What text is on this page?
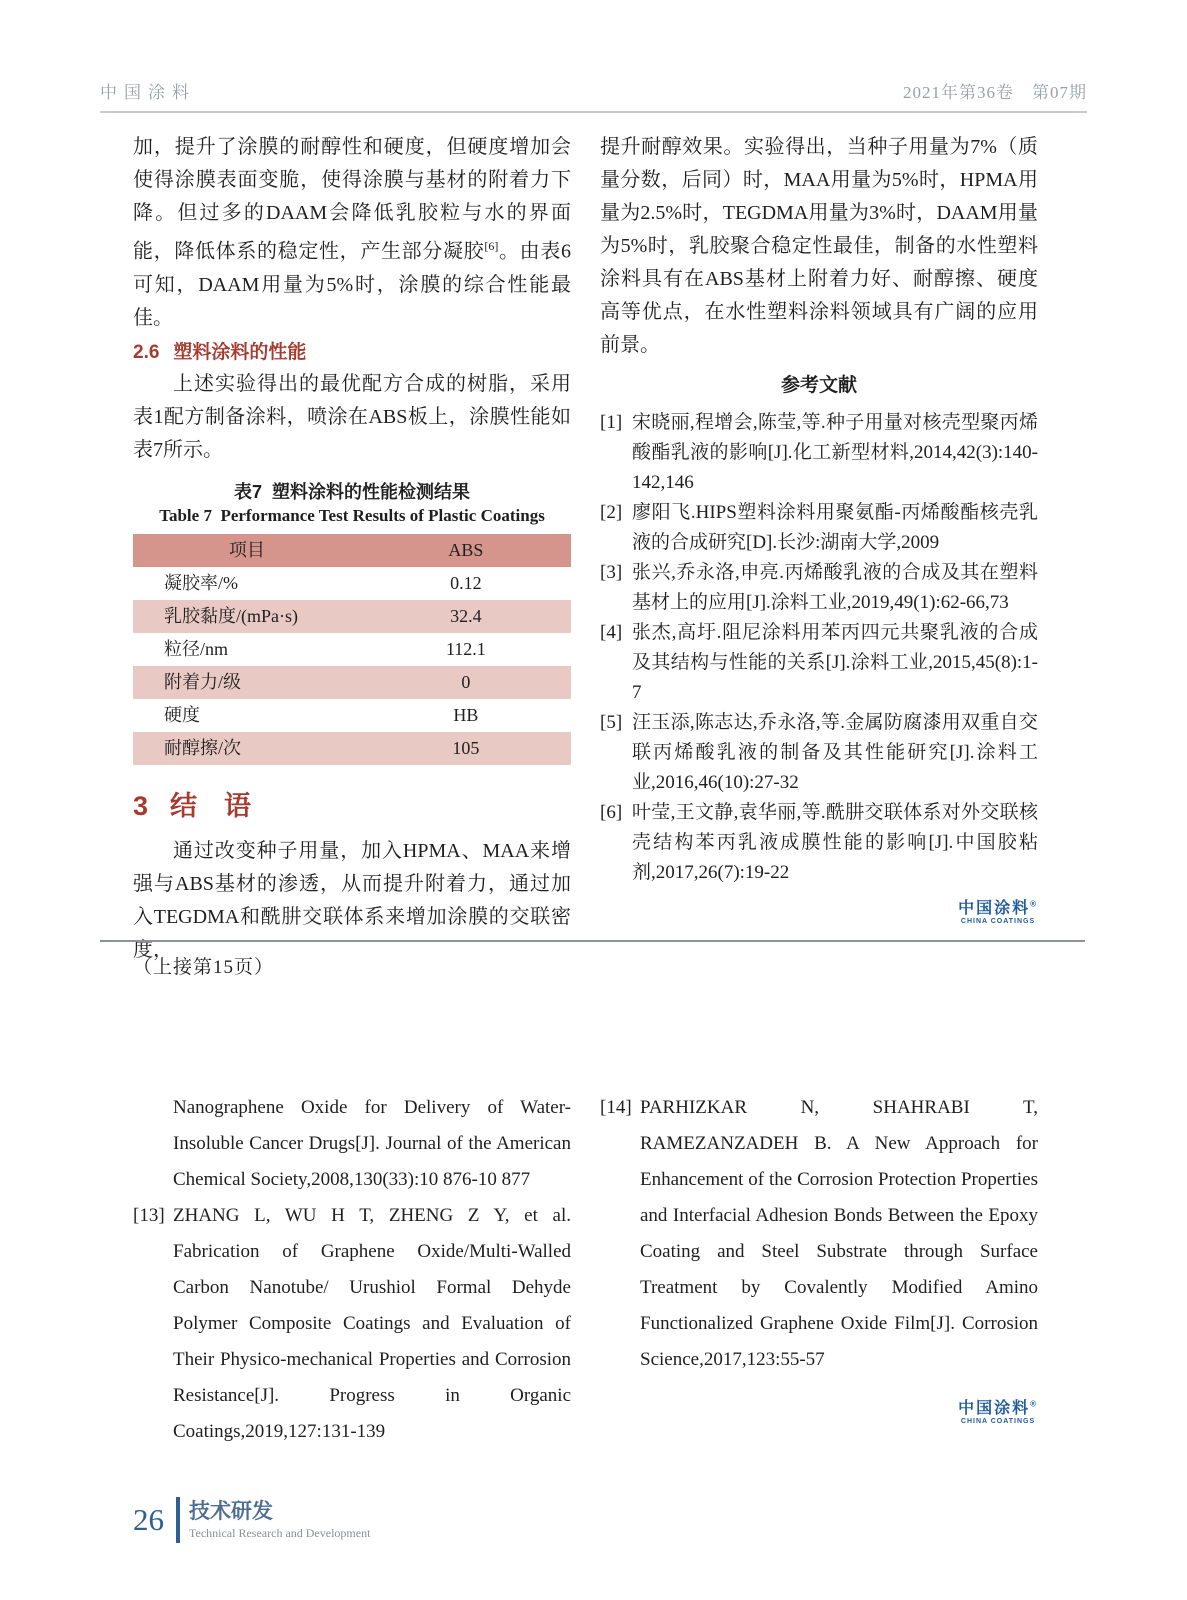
中国涂料	2021年第36卷　第07期

加，提升了涂膜的耐醇性和硬度，但硬度增加会使得涂膜表面变脆，使得涂膜与基材的附着力下降。但过多的DAAM会降低乳胶粒与水的界面能，降低体系的稳定性，产生部分凝胶[6]。由表6可知，DAAM用量为5%时，涂膜的综合性能最佳。

2.6 塑料涂料的性能

上述实验得出的最优配方合成的树脂，采用表1配方制备涂料，喷涂在ABS板上，涂膜性能如表7所示。

表7  塑料涂料的性能检测结果
Table 7  Performance Test Results of Plastic Coatings
项目	ABS
凝胶率/%	0.12
乳胶黏度/(mPa·s)	32.4
粒径/nm	112.1
附着力/级	0
硬度	HB
耐醇擦/次	105
3 结　语

通过改变种子用量，加入HPMA、MAA来增强与ABS基材的渗透，从而提升附着力，通过加入TEGDMA和酰肼交联体系来增加涂膜的交联密度，

提升耐醇效果。实验得出，当种子用量为7%（质量分数，后同）时，MAA用量为5%时，HPMA用量为2.5%时，TEGDMA用量为3%时，DAAM用量为5%时，乳胶聚合稳定性最佳，制备的水性塑料涂料具有在ABS基材上附着力好、耐醇擦、硬度高等优点，在水性塑料涂料领域具有广阔的应用前景。

参考文献
[1] 宋晓丽,程增会,陈莹,等.种子用量对核壳型聚丙烯酸酯乳液的影响[J].化工新型材料,2014,42(3):140-142,146
[2] 廖阳飞.HIPS塑料涂料用聚氨酯-丙烯酸酯核壳乳液的合成研究[D].长沙:湖南大学,2009
[3] 张兴,乔永洛,申亮.丙烯酸乳液的合成及其在塑料基材上的应用[J].涂料工业,2019,49(1):62-66,73
[4] 张杰,高圩.阻尼涂料用苯丙四元共聚乳液的合成及其结构与性能的关系[J].涂料工业,2015,45(8):1-7
[5] 汪玉添,陈志达,乔永洛,等.金属防腐漆用双重自交联丙烯酸乳液的制备及其性能研究[J].涂料工业,2016,46(10):27-32
[6] 叶莹,王文静,袁华丽,等.酰肼交联体系对外交联核壳结构苯丙乳液成膜性能的影响[J].中国胶粘剂,2017,26(7):19-22
中国涂料®
CHINA COATINGS
（上接第15页）
Nanographene Oxide for Delivery of Water-Insoluble Cancer Drugs[J]. Journal of the American Chemical Society,2008,130(33):10 876-10 877
[13] ZHANG L, WU H T, ZHENG Z Y, et al. Fabrication of Graphene Oxide/Multi-Walled Carbon Nanotube/ Urushiol Formal Dehyde Polymer Composite Coatings and Evaluation of Their Physico-mechanical Properties and Corrosion Resistance[J]. Progress in Organic Coatings,2019,127:131-139
[14] PARHIZKAR N, SHAHRABI T, RAMEZANZADEH B. A New Approach for Enhancement of the Corrosion Protection Properties and Interfacial Adhesion Bonds Between the Epoxy Coating and Steel Substrate through Surface Treatment by Covalently Modified Amino Functionalized Graphene Oxide Film[J]. Corrosion Science,2017,123:55-57
中国涂料®
CHINA COATINGS
26 技术研发
Technical Research and Development
